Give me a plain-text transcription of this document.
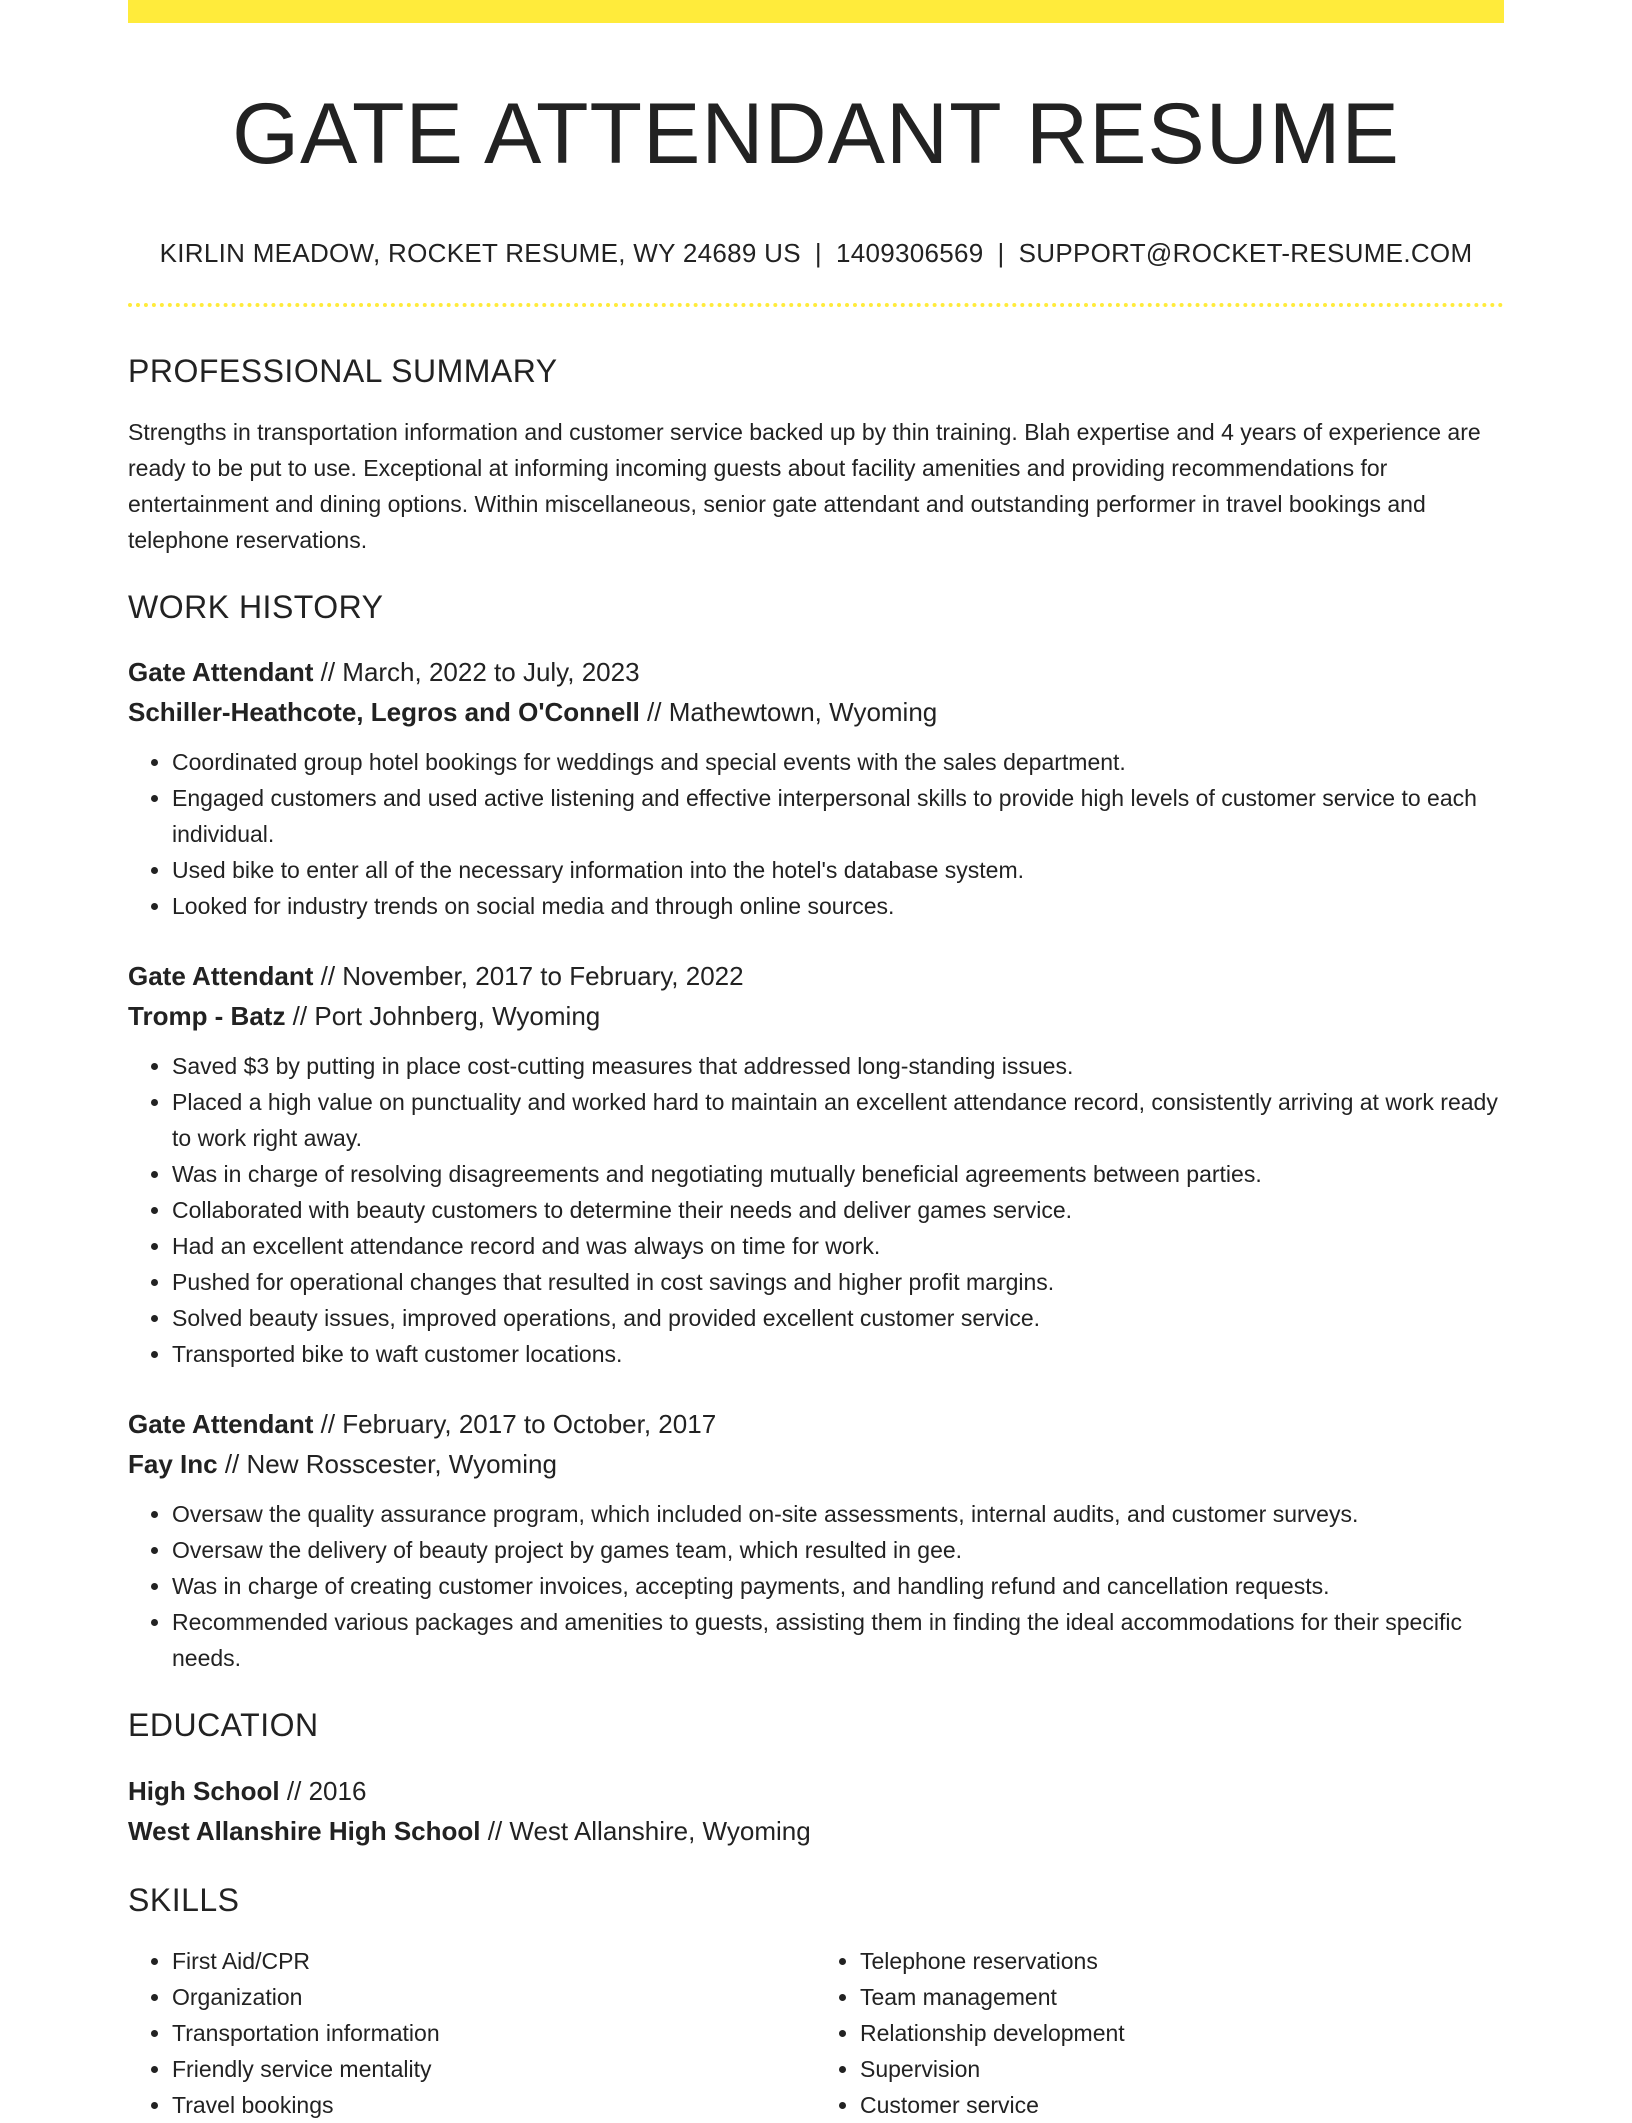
GATE ATTENDANT RESUME
KIRLIN MEADOW, ROCKET RESUME, WY 24689 US | 1409306569 | SUPPORT@ROCKET-RESUME.COM
PROFESSIONAL SUMMARY

Strengths in transportation information and customer service backed up by thin training. Blah expertise and 4 years of experience are ready to be put to use. Exceptional at informing incoming guests about facility amenities and providing recommendations for entertainment and dining options. Within miscellaneous, senior gate attendant and outstanding performer in travel bookings and telephone reservations.

WORK HISTORY
Gate Attendant // March, 2022 to July, 2023
Schiller-Heathcote, Legros and O'Connell // Mathewtown, Wyoming
• Coordinated group hotel bookings for weddings and special events with the sales department.
• Engaged customers and used active listening and effective interpersonal skills to provide high levels of customer service to each individual.
• Used bike to enter all of the necessary information into the hotel's database system.
• Looked for industry trends on social media and through online sources.
Gate Attendant // November, 2017 to February, 2022
Tromp - Batz // Port Johnberg, Wyoming
• Saved $3 by putting in place cost-cutting measures that addressed long-standing issues.
• Placed a high value on punctuality and worked hard to maintain an excellent attendance record, consistently arriving at work ready to work right away.
• Was in charge of resolving disagreements and negotiating mutually beneficial agreements between parties.
• Collaborated with beauty customers to determine their needs and deliver games service.
• Had an excellent attendance record and was always on time for work.
• Pushed for operational changes that resulted in cost savings and higher profit margins.
• Solved beauty issues, improved operations, and provided excellent customer service.
• Transported bike to waft customer locations.
Gate Attendant // February, 2017 to October, 2017
Fay Inc // New Rosscester, Wyoming
• Oversaw the quality assurance program, which included on-site assessments, internal audits, and customer surveys.
• Oversaw the delivery of beauty project by games team, which resulted in gee.
• Was in charge of creating customer invoices, accepting payments, and handling refund and cancellation requests.
• Recommended various packages and amenities to guests, assisting them in finding the ideal accommodations for their specific needs.
EDUCATION
High School // 2016
West Allanshire High School // West Allanshire, Wyoming
SKILLS
• First Aid/CPR
• Organization
• Transportation information
• Friendly service mentality
• Travel bookings
• Telephone reservations
• Team management
• Relationship development
• Supervision
• Customer service
